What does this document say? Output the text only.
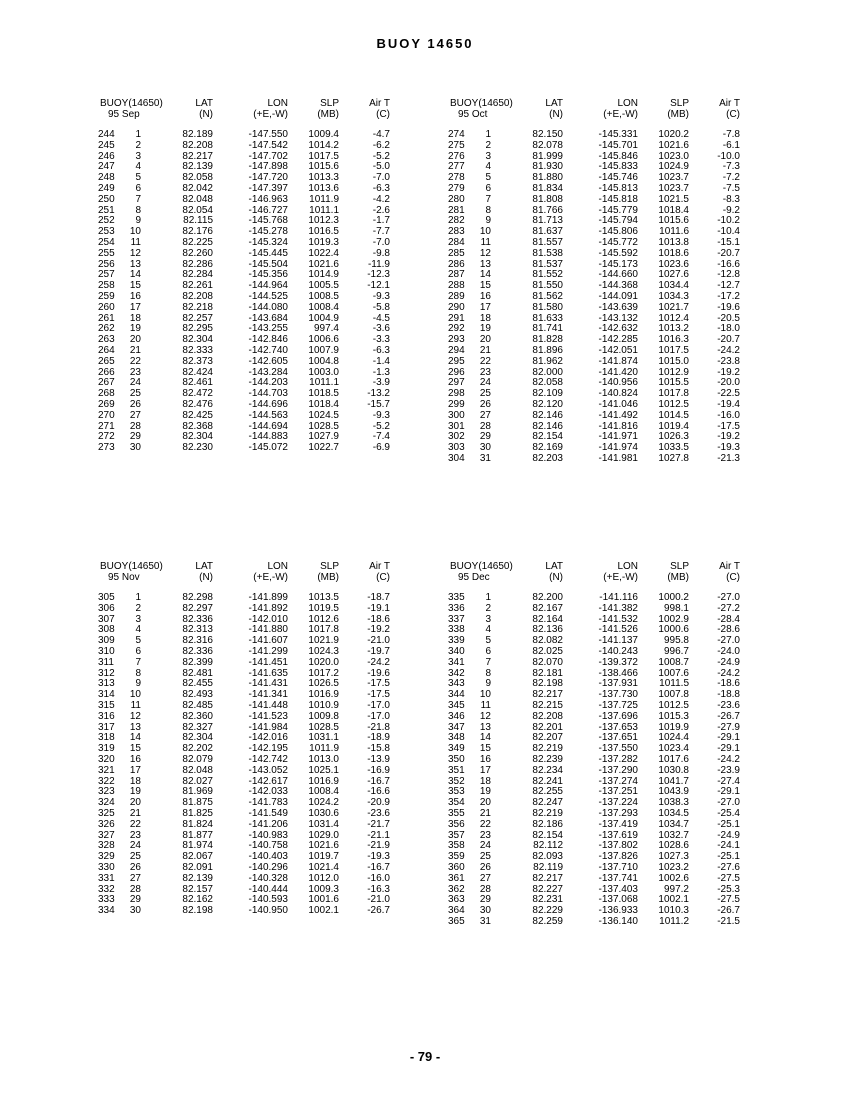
BUOY 14650
BUOY(14650)	LAT	LON	SLP	Air T
95 Sep	(N)	(+E,-W)	(MB)	(C)
244 1	82.189	-147.550 1009.4	-4.7
245 2	82.208	-147.542 1014.2	-6.2
246 3	82.217	-147.702 1017.5	-5.2
247 4	82.139	-147.898 1015.6	-5.0
248 5	82.058	-147.720 1013.3	-7.0
249 6	82.042	-147.397 1013.6	-6.3
250 7	82.048	-146.963 1011.9	-4.2
251 8	82.054	-146.727 1011.1	-2.6
252 9	82.115	-145.768 1012.3	-1.7
253 10	82.176	-145.278 1016.5	-7.7
254 11	82.225	-145.324 1019.3	-7.0
255 12	82.260	-145.445 1022.4	-9.8
256 13	82.286	-145.504 1021.6	-11.9
257 14	82.284	-145.356 1014.9	-12.3
258 15	82.261	-144.964 1005.5	-12.1
259 16	82.208	-144.525 1008.5	-9.3
260 17	82.218	-144.080 1008.4	-5.8
261 18	82.257	-143.684 1004.9	-4.5
262 19	82.295	-143.255	997.4	-3.6
263 20	82.304	-142.846 1006.6	-3.3
264 21	82.333	-142.740 1007.9	-6.3
265 22	82.373	-142.605 1004.8	-1.4
266 23	82.424	-143.284 1003.0	-1.3
267 24	82.461	-144.203 1011.1	-3.9
268 25	82.472	-144.703 1018.5	-13.2
269 26	82.476	-144.696 1018.4	-15.7
270 27	82.425	-144.563 1024.5	-9.3
271 28	82.368	-144.694 1028.5	-5.2
272 29	82.304	-144.883 1027.9	-7.4
273 30	82.230	-145.072 1022.7	-6.9
BUOY(14650)	LAT	LON	SLP	Air T
95 Oct	(N)	(+E,-W)	(MB)	(C)
274 1	82.150	-145.331 1020.2	-7.8
275 2	82.078	-145.701 1021.6	-6.1
276 3	81.999	-145.846 1023.0	-10.0
277 4	81.930	-145.833 1024.9	-7.3
278 5	81.880	-145.746 1023.7	-7.2
279 6	81.834	-145.813 1023.7	-7.5
280 7	81.808	-145.818 1021.5	-8.3
281 8	81.766	-145.779 1018.4	-9.2
282 9	81.713	-145.794 1015.6	-10.2
283 10	81.637	-145.806 1011.6	-10.4
284 11	81.557	-145.772 1013.8	-15.1
285 12	81.538	-145.592 1018.6	-20.7
286 13	81.537	-145.173 1023.6	-16.6
287 14	81.552	-144.660 1027.6	-12.8
288 15	81.550	-144.368 1034.4	-12.7
289 16	81.562	-144.091 1034.3	-17.2
290 17	81.580	-143.639 1021.7	-19.6
291 18	81.633	-143.132 1012.4	-20.5
292 19	81.741	-142.632 1013.2	-18.0
293 20	81.828	-142.285 1016.3	-20.7
294 21	81.896	-142.051 1017.5	-24.2
295 22	81.962	-141.874 1015.0	-23.8
296 23	82.000	-141.420 1012.9	-19.2
297 24	82.058	-140.956 1015.5	-20.0
298 25	82.109	-140.824 1017.8	-22.5
299 26	82.120	-141.046 1012.5	-19.4
300 27	82.146	-141.492 1014.5	-16.0
301 28	82.146	-141.816 1019.4	-17.5
302 29	82.154	-141.971 1026.3	-19.2
303 30	82.169	-141.974 1033.5	-19.3
304 31	82.203	-141.981 1027.8	-21.3
BUOY(14650)	LAT	LON	SLP	Air T
95 Nov	(N)	(+E,-W)	(MB)	(C)
305 1	82.298	-141.899 1013.5	-18.7
306 2	82.297	-141.892 1019.5	-19.1
307 3	82.336	-142.010 1012.6	-18.6
308 4	82.313	-141.880 1017.8	-19.2
309 5	82.316	-141.607 1021.9	-21.0
310 6	82.336	-141.299 1024.3	-19.7
311 7	82.399	-141.451 1020.0	-24.2
312 8	82.481	-141.635 1017.2	-19.6
313 9	82.455	-141.431 1026.5	-17.5
314 10	82.493	-141.341 1016.9	-17.5
315 11	82.485	-141.448 1010.9	-17.0
316 12	82.360	-141.523 1009.8	-17.0
317 13	82.327	-141.984 1028.5	-21.8
318 14	82.304	-142.016 1031.1	-18.9
319 15	82.202	-142.195 1011.9	-15.8
320 16	82.079	-142.742 1013.0	-13.9
321 17	82.048	-143.052 1025.1	-16.9
322 18	82.027	-142.617 1016.9	-16.7
323 19	81.969	-142.033 1008.4	-16.6
324 20	81.875	-141.783 1024.2	-20.9
325 21	81.825	-141.549 1030.6	-23.6
326 22	81.824	-141.206 1031.4	-21.7
327 23	81.877	-140.983 1029.0	-21.1
328 24	81.974	-140.758 1021.6	-21.9
329 25	82.067	-140.403 1019.7	-19.3
330 26	82.091	-140.296 1021.4	-16.7
331 27	82.139	-140.328 1012.0	-16.0
332 28	82.157	-140.444 1009.3	-16.3
333 29	82.162	-140.593 1001.6	-21.0
334 30	82.198	-140.950 1002.1	-26.7
BUOY(14650)	LAT	LON	SLP	Air T
95 Dec	(N)	(+E,-W)	(MB)	(C)
335 1	82.200	-141.116 1000.2	-27.0
336 2	82.167	-141.382	998.1	-27.2
337 3	82.164	-141.532 1002.9	-28.4
338 4	82.136	-141.526 1000.6	-28.6
339 5	82.082	-141.137	995.8	-27.0
340 6	82.025	-140.243	996.7	-24.0
341 7	82.070	-139.372 1008.7	-24.9
342 8	82.181	-138.466 1007.6	-24.2
343 9	82.198	-137.931 1011.5	-18.6
344 10	82.217	-137.730 1007.8	-18.8
345 11	82.215	-137.725 1012.5	-23.6
346 12	82.208	-137.696 1015.3	-26.7
347 13	82.201	-137.653 1019.9	-27.9
348 14	82.207	-137.651 1024.4	-29.1
349 15	82.219	-137.550 1023.4	-29.1
350 16	82.239	-137.282 1017.6	-24.2
351 17	82.234	-137.290 1030.8	-23.9
352 18	82.241	-137.274 1041.7	-27.4
353 19	82.255	-137.251 1043.9	-29.1
354 20	82.247	-137.224 1038.3	-27.0
355 21	82.219	-137.293 1034.5	-25.4
356 22	82.186	-137.419 1034.7	-25.1
357 23	82.154	-137.619 1032.7	-24.9
358 24	82.112	-137.802 1028.6	-24.1
359 25	82.093	-137.826 1027.3	-25.1
360 26	82.119	-137.710 1023.2	-27.6
361 27	82.217	-137.741 1002.6	-27.5
362 28	82.227	-137.403	997.2	-25.3
363 29	82.231	-137.068 1002.1	-27.5
364 30	82.229	-136.933 1010.3	-26.7
365 31	82.259	-136.140 1011.2	-21.5
- 79 -
